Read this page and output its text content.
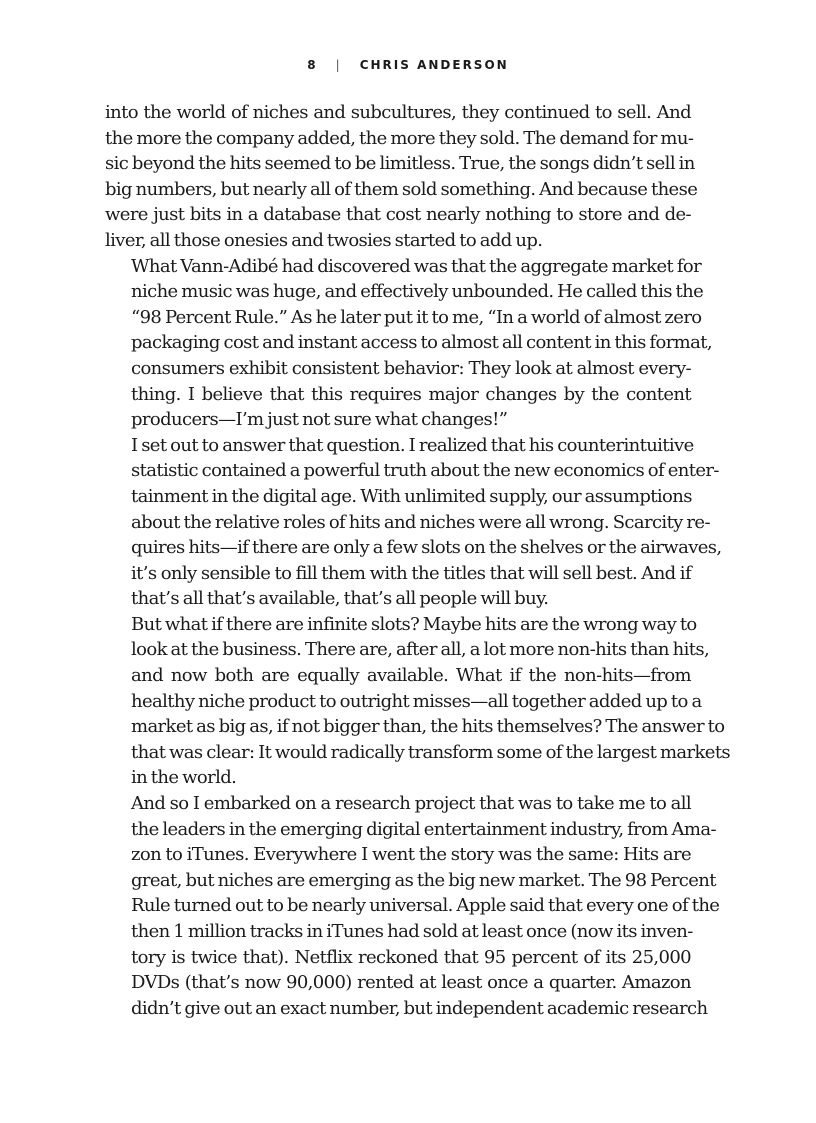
8 | CHRIS ANDERSON

into the world of niches and subcultures, they continued to sell. And
the more the company added, the more they sold. The demand for mu-
sic beyond the hits seemed to be limitless. True, the songs didn’t sell in
big numbers, but nearly all of them sold something. And because these
were just bits in a database that cost nearly nothing to store and de-
liver, all those onesies and twosies started to add up.

What Vann-Adibé had discovered was that the aggregate market for
niche music was huge, and effectively unbounded. He called this the
“98 Percent Rule.” As he later put it to me, “In a world of almost zero
packaging cost and instant access to almost all content in this format,
consumers exhibit consistent behavior: They look at almost every-
thing. I believe that this requires major changes by the content
producers—I’m just not sure what changes!”

I set out to answer that question. I realized that his counterintuitive
statistic contained a powerful truth about the new economics of enter-
tainment in the digital age. With unlimited supply, our assumptions
about the relative roles of hits and niches were all wrong. Scarcity re-
quires hits—if there are only a few slots on the shelves or the airwaves,
it’s only sensible to fill them with the titles that will sell best. And if
that’s all that’s available, that’s all people will buy.

But what if there are infinite slots? Maybe hits are the wrong way to
look at the business. There are, after all, a lot more non-hits than hits,
and now both are equally available. What if the non-hits—from
healthy niche product to outright misses—all together added up to a
market as big as, if not bigger than, the hits themselves? The answer to
that was clear: It would radically transform some of the largest markets
in the world.

And so I embarked on a research project that was to take me to all
the leaders in the emerging digital entertainment industry, from Ama-
zon to iTunes. Everywhere I went the story was the same: Hits are
great, but niches are emerging as the big new market. The 98 Percent
Rule turned out to be nearly universal. Apple said that every one of the
then 1 million tracks in iTunes had sold at least once (now its inven-
tory is twice that). Netflix reckoned that 95 percent of its 25,000
DVDs (that’s now 90,000) rented at least once a quarter. Amazon
didn’t give out an exact number, but independent academic research
